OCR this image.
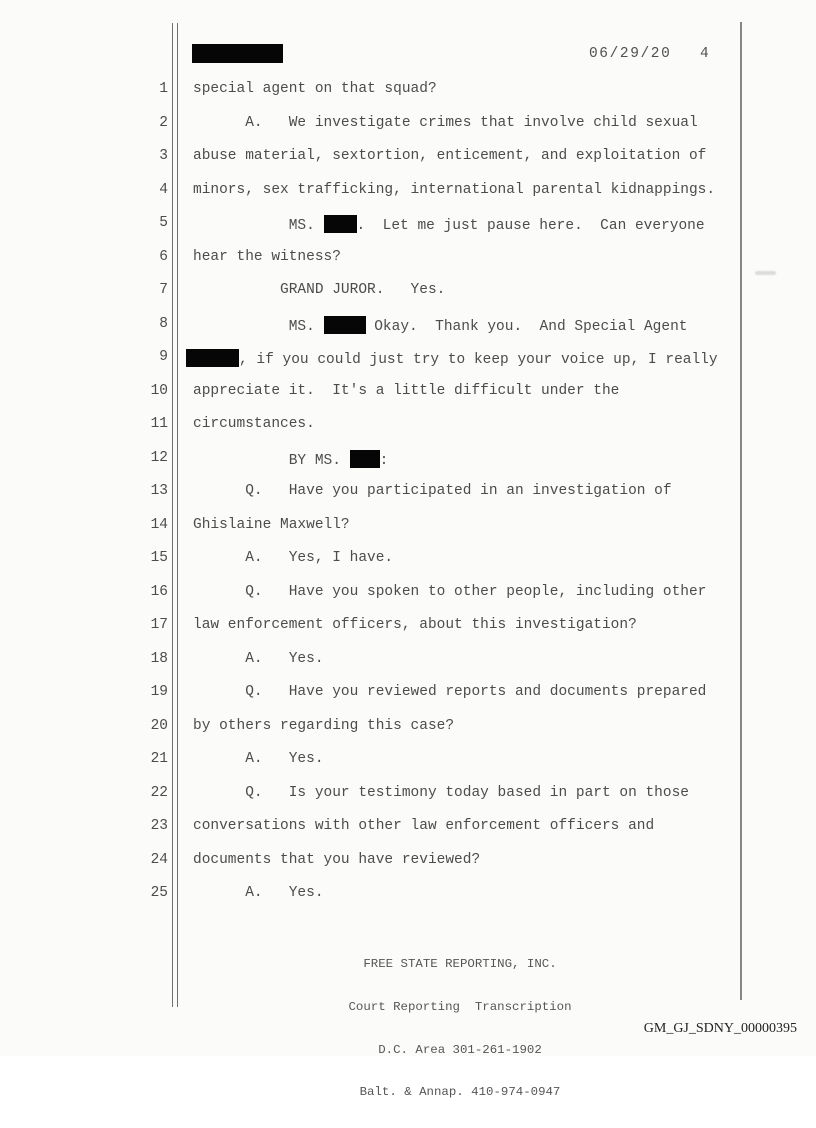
06/29/20 4
1 special agent on that squad?
2 A.   We investigate crimes that involve child sexual
3 abuse material, sextortion, enticement, and exploitation of
4 minors, sex trafficking, international parental kidnappings.
5 MS. .  Let me just pause here.  Can everyone
6 hear the witness?
7 GRAND JUROR.   Yes.
8 MS.	Okay.  Thank you.  And Special Agent
9	, if you could just try to keep your voice up, I really
10 appreciate it.  It's a little difficult under the
11 circumstances.
12 BY MS. :
13 Q.   Have you participated in an investigation of
14 Ghislaine Maxwell?
15 A.   Yes, I have.
16 Q.   Have you spoken to other people, including other
17 law enforcement officers, about this investigation?
18 A.   Yes.
19 Q.   Have you reviewed reports and documents prepared
20 by others regarding this case?
21 A.   Yes.
22 Q.   Is your testimony today based in part on those
23 conversations with other law enforcement officers and
24 documents that you have reviewed?
25 A.   Yes.

FREE STATE REPORTING, INC.

Court Reporting  Transcription

D.C. Area 301-261-1902

Balt. & Annap. 410-974-0947

GM_GJ_SDNY_00000395
